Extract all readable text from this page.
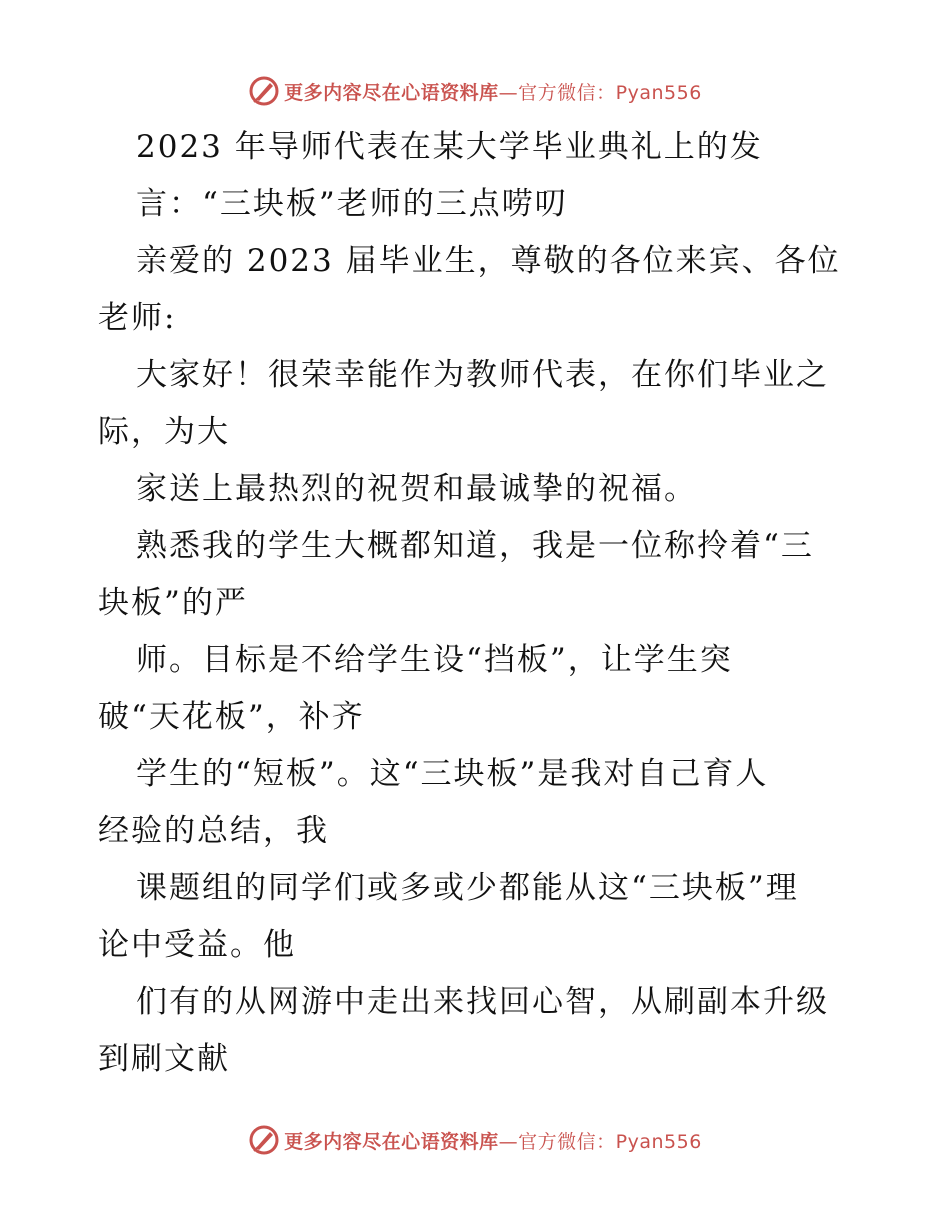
更多内容尽在心语资料库—官方微信：Pyan556
2023 年导师代表在某大学毕业典礼上的发
言：“三块板”老师的三点唠叨
亲爱的 2023 届毕业生，尊敬的各位来宾、各位
老师:
大家好！很荣幸能作为教师代表，在你们毕业之
际，为大
家送上最热烈的祝贺和最诚挚的祝福。
熟悉我的学生大概都知道，我是一位称拎着“三
块板”的严
师。目标是不给学生设“挡板”，让学生突
破“天花板”，补齐
学生的“短板”。这“三块板”是我对自己育人
经验的总结，我
课题组的同学们或多或少都能从这“三块板”理
论中受益。他
们有的从网游中走出来找回心智，从刷副本升级
到刷文献
更多内容尽在心语资料库—官方微信：Pyan556
